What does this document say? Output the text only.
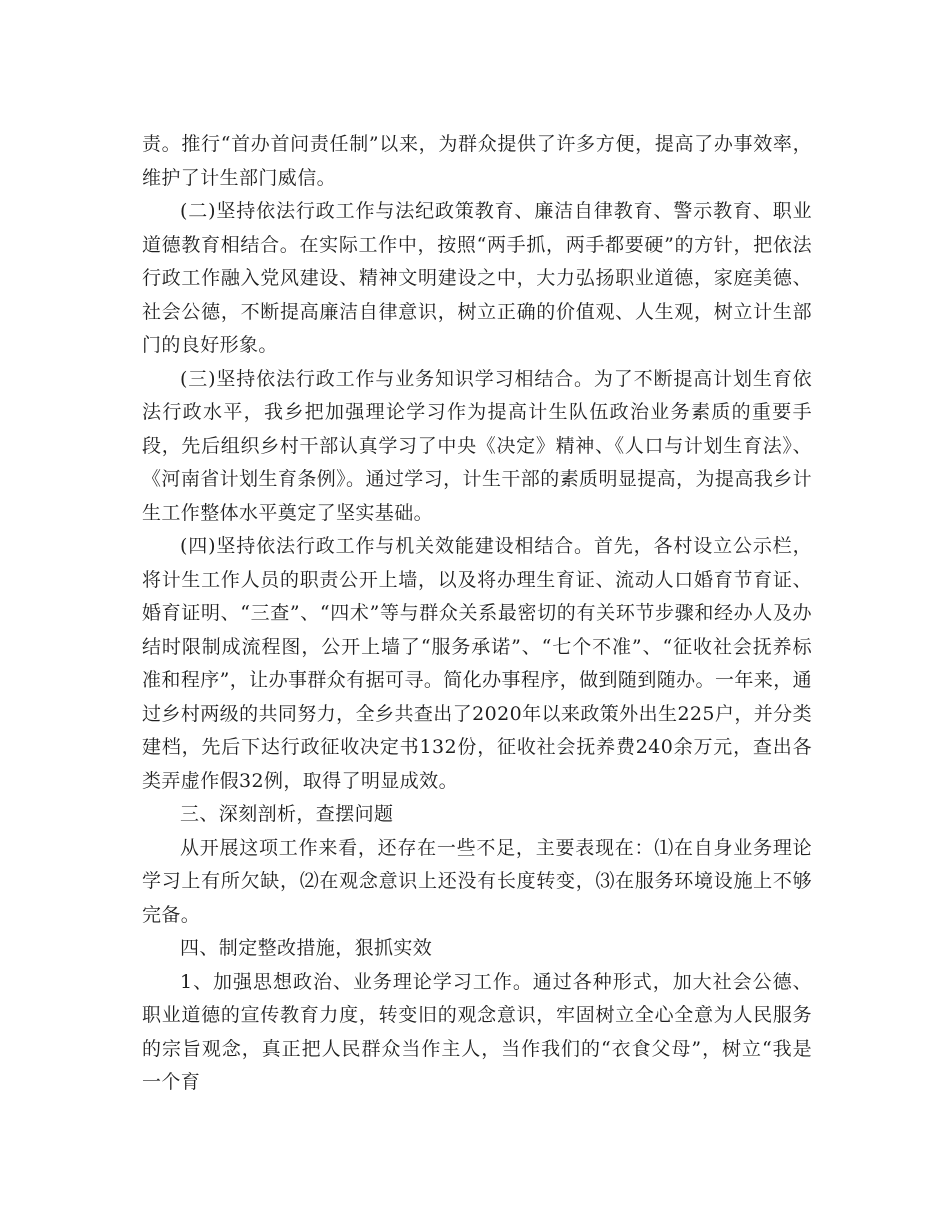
责。推行“首办首问责任制”以来，为群众提供了许多方便，提高了办事效率，维护了计生部门威信。

(二)坚持依法行政工作与法纪政策教育、廉洁自律教育、警示教育、职业道德教育相结合。在实际工作中，按照“两手抓，两手都要硬”的方针，把依法行政工作融入党风建设、精神文明建设之中，大力弘扬职业道德，家庭美德、社会公德，不断提高廉洁自律意识，树立正确的价值观、人生观，树立计生部门的良好形象。

(三)坚持依法行政工作与业务知识学习相结合。为了不断提高计划生育依法行政水平，我乡把加强理论学习作为提高计生队伍政治业务素质的重要手段，先后组织乡村干部认真学习了中央《决定》精神、《人口与计划生育法》、《河南省计划生育条例》。通过学习，计生干部的素质明显提高，为提高我乡计生工作整体水平奠定了坚实基础。

(四)坚持依法行政工作与机关效能建设相结合。首先，各村设立公示栏，将计生工作人员的职责公开上墙，以及将办理生育证、流动人口婚育节育证、婚育证明、“三查”、“四术”等与群众关系最密切的有关环节步骤和经办人及办结时限制成流程图，公开上墙了“服务承诺”、“七个不准”、“征收社会抚养标准和程序”，让办事群众有据可寻。简化办事程序，做到随到随办。一年来，通过乡村两级的共同努力，全乡共查出了2020年以来政策外出生225户，并分类建档，先后下达行政征收决定书132份，征收社会抚养费240余万元，查出各类弄虚作假32例，取得了明显成效。

三、深刻剖析，查摆问题

从开展这项工作来看，还存在一些不足，主要表现在：⑴在自身业务理论学习上有所欠缺，⑵在观念意识上还没有长度转变，⑶在服务环境设施上不够完备。

四、制定整改措施，狠抓实效

1、加强思想政治、业务理论学习工作。通过各种形式，加大社会公德、职业道德的宣传教育力度，转变旧的观念意识，牢固树立全心全意为人民服务的宗旨观念，真正把人民群众当作主人，当作我们的“衣食父母”，树立“我是一个育
